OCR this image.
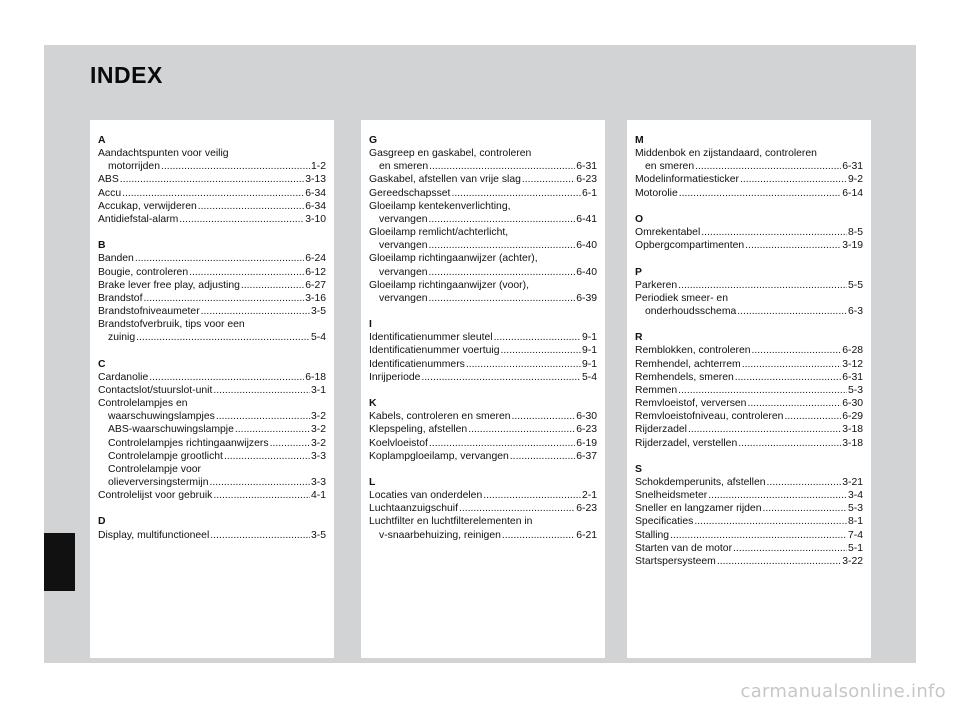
INDEX
A
Aandachtspunten voor veilig
motorrijden .....	1-2
ABS .....	3-13
Accu .....	6-34
Accukap, verwijderen .....	6-34
Antidiefstal-alarm .....	3-10
B
Banden .....	6-24
Bougie, controleren .....	6-12
Brake lever free play, adjusting .....	6-27
Brandstof .....	3-16
Brandstofniveaumeter .....	3-5
Brandstofverbruik, tips voor een
zuinig .....	5-4
C
Cardanolie .....	6-18
Contactslot/stuurslot-unit .....	3-1
Controlelampjes en
waarschuwingslampjes .....	3-2
ABS-waarschuwingslampje .....	3-2
Controlelampjes richtingaanwijzers .....	3-2
Controlelampje grootlicht .....	3-3
Controlelampje voor
olieverversingstermijn .....	3-3
Controlelijst voor gebruik .....	4-1
D
Display, multifunctioneel .....	3-5
G
Gasgreep en gaskabel, controleren
en smeren .....	6-31
Gaskabel, afstellen van vrije slag .....	6-23
Gereedschapsset .....	6-1
Gloeilamp kentekenverlichting,
vervangen .....	6-41
Gloeilamp remlicht/achterlicht,
vervangen .....	6-40
Gloeilamp richtingaanwijzer (achter),
vervangen .....	6-40
Gloeilamp richtingaanwijzer (voor),
vervangen .....	6-39
I
Identificatienummer sleutel .....	9-1
Identificatienummer voertuig .....	9-1
Identificatienummers .....	9-1
Inrijperiode .....	5-4
K
Kabels, controleren en smeren .....	6-30
Klepspeling, afstellen .....	6-23
Koelvloeistof .....	6-19
Koplampgloeilamp, vervangen .....	6-37
L
Locaties van onderdelen .....	2-1
Luchtaanzuigschuif .....	6-23
Luchtfilter en luchtfilterelementen in
v-snaarbehuizing, reinigen .....	6-21
M
Middenbok en zijstandaard, controleren
en smeren .....	6-31
Modelinformatiesticker .....	9-2
Motorolie .....	6-14
O
Omrekentabel .....	8-5
Opbergcompartimenten .....	3-19
P
Parkeren .....	5-5
Periodiek smeer- en
onderhoudsschema .....	6-3
R
Remblokken, controleren .....	6-28
Remhendel, achterrem .....	3-12
Remhendels, smeren .....	6-31
Remmen .....	5-3
Remvloeistof, verversen .....	6-30
Remvloeistofniveau, controleren .....	6-29
Rijderzadel .....	3-18
Rijderzadel, verstellen .....	3-18
S
Schokdemperunits, afstellen .....	3-21
Snelheidsmeter .....	3-4
Sneller en langzamer rijden .....	5-3
Specificaties .....	8-1
Stalling .....	7-4
Starten van de motor .....	5-1
Startspersysteem .....	3-22
carmanualsonline.info
